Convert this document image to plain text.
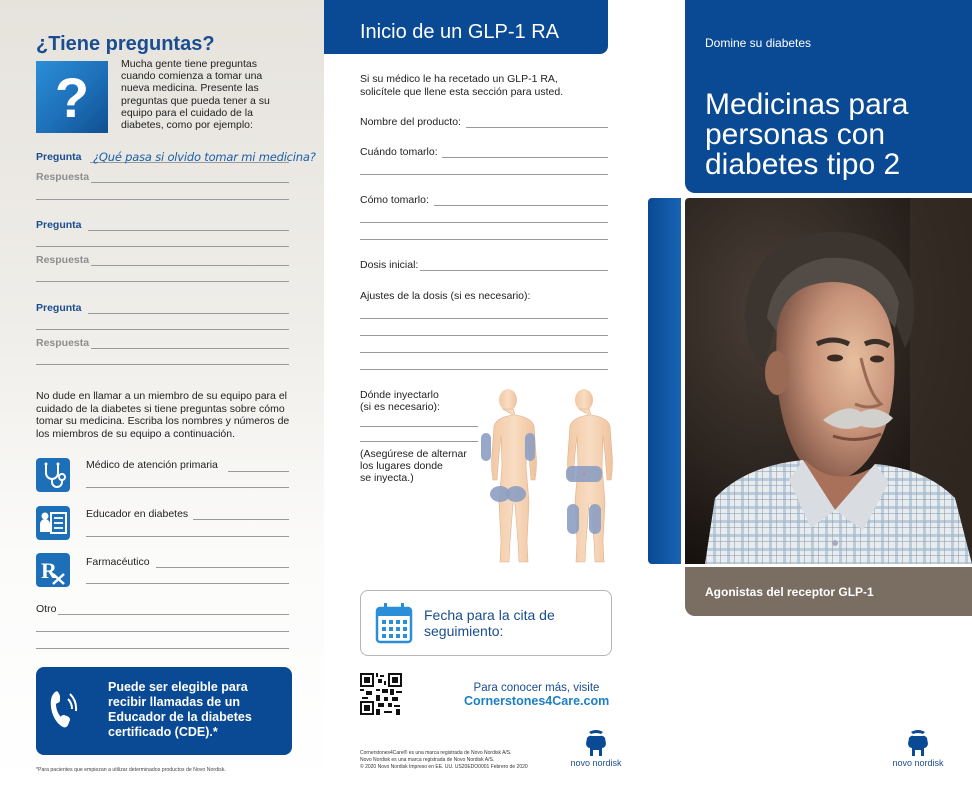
¿Tiene preguntas?
?
Mucha gente tiene preguntas cuando comienza a tomar una nueva medicina. Presente las preguntas que pueda tener a su equipo para el cuidado de la diabetes, como por ejemplo:
Pregunta ¿Qué pasa si olvido tomar mi medicina?
Respuesta
Pregunta
Respuesta
Pregunta
Respuesta
No dude en llamar a un miembro de su equipo para el cuidado de la diabetes si tiene preguntas sobre cómo tomar su medicina. Escriba los nombres y números de los miembros de su equipo a continuación.
Médico de atención primaria
Educador en diabetes
R	Farmacéutico
Otro
Puede ser elegible para recibir llamadas de un Educador de la diabetes certificado (CDE).*
*Para pacientes que empiezan a utilizar determinados productos de Novo Nordisk.
Inicio de un GLP-1 RA
Si su médico le ha recetado un GLP-1 RA, solicítele que llene esta sección para usted.
Nombre del producto:
Cuándo tomarlo:
Cómo tomarlo:
Dosis inicial:
Ajustes de la dosis (si es necesario):
Dónde inyectarlo
(si es necesario):
(Asegúrese de alternar
los lugares donde
se inyecta.)
Fecha para la cita de seguimiento:
Para conocer más, visite
Cornerstones4Care.com
Cornerstones4Care® es una marca registrada de Novo Nordisk A/S.
Novo Nordisk es una marca registrada de Novo Nordisk A/S.
© 2020 Novo Nordisk Impreso en EE. UU. US20EDO0001 Febrero de 2020	novo nordisk
Domine su diabetes
Medicinas para personas con diabetes tipo 2
Agonistas del receptor GLP-1
novo nordisk
